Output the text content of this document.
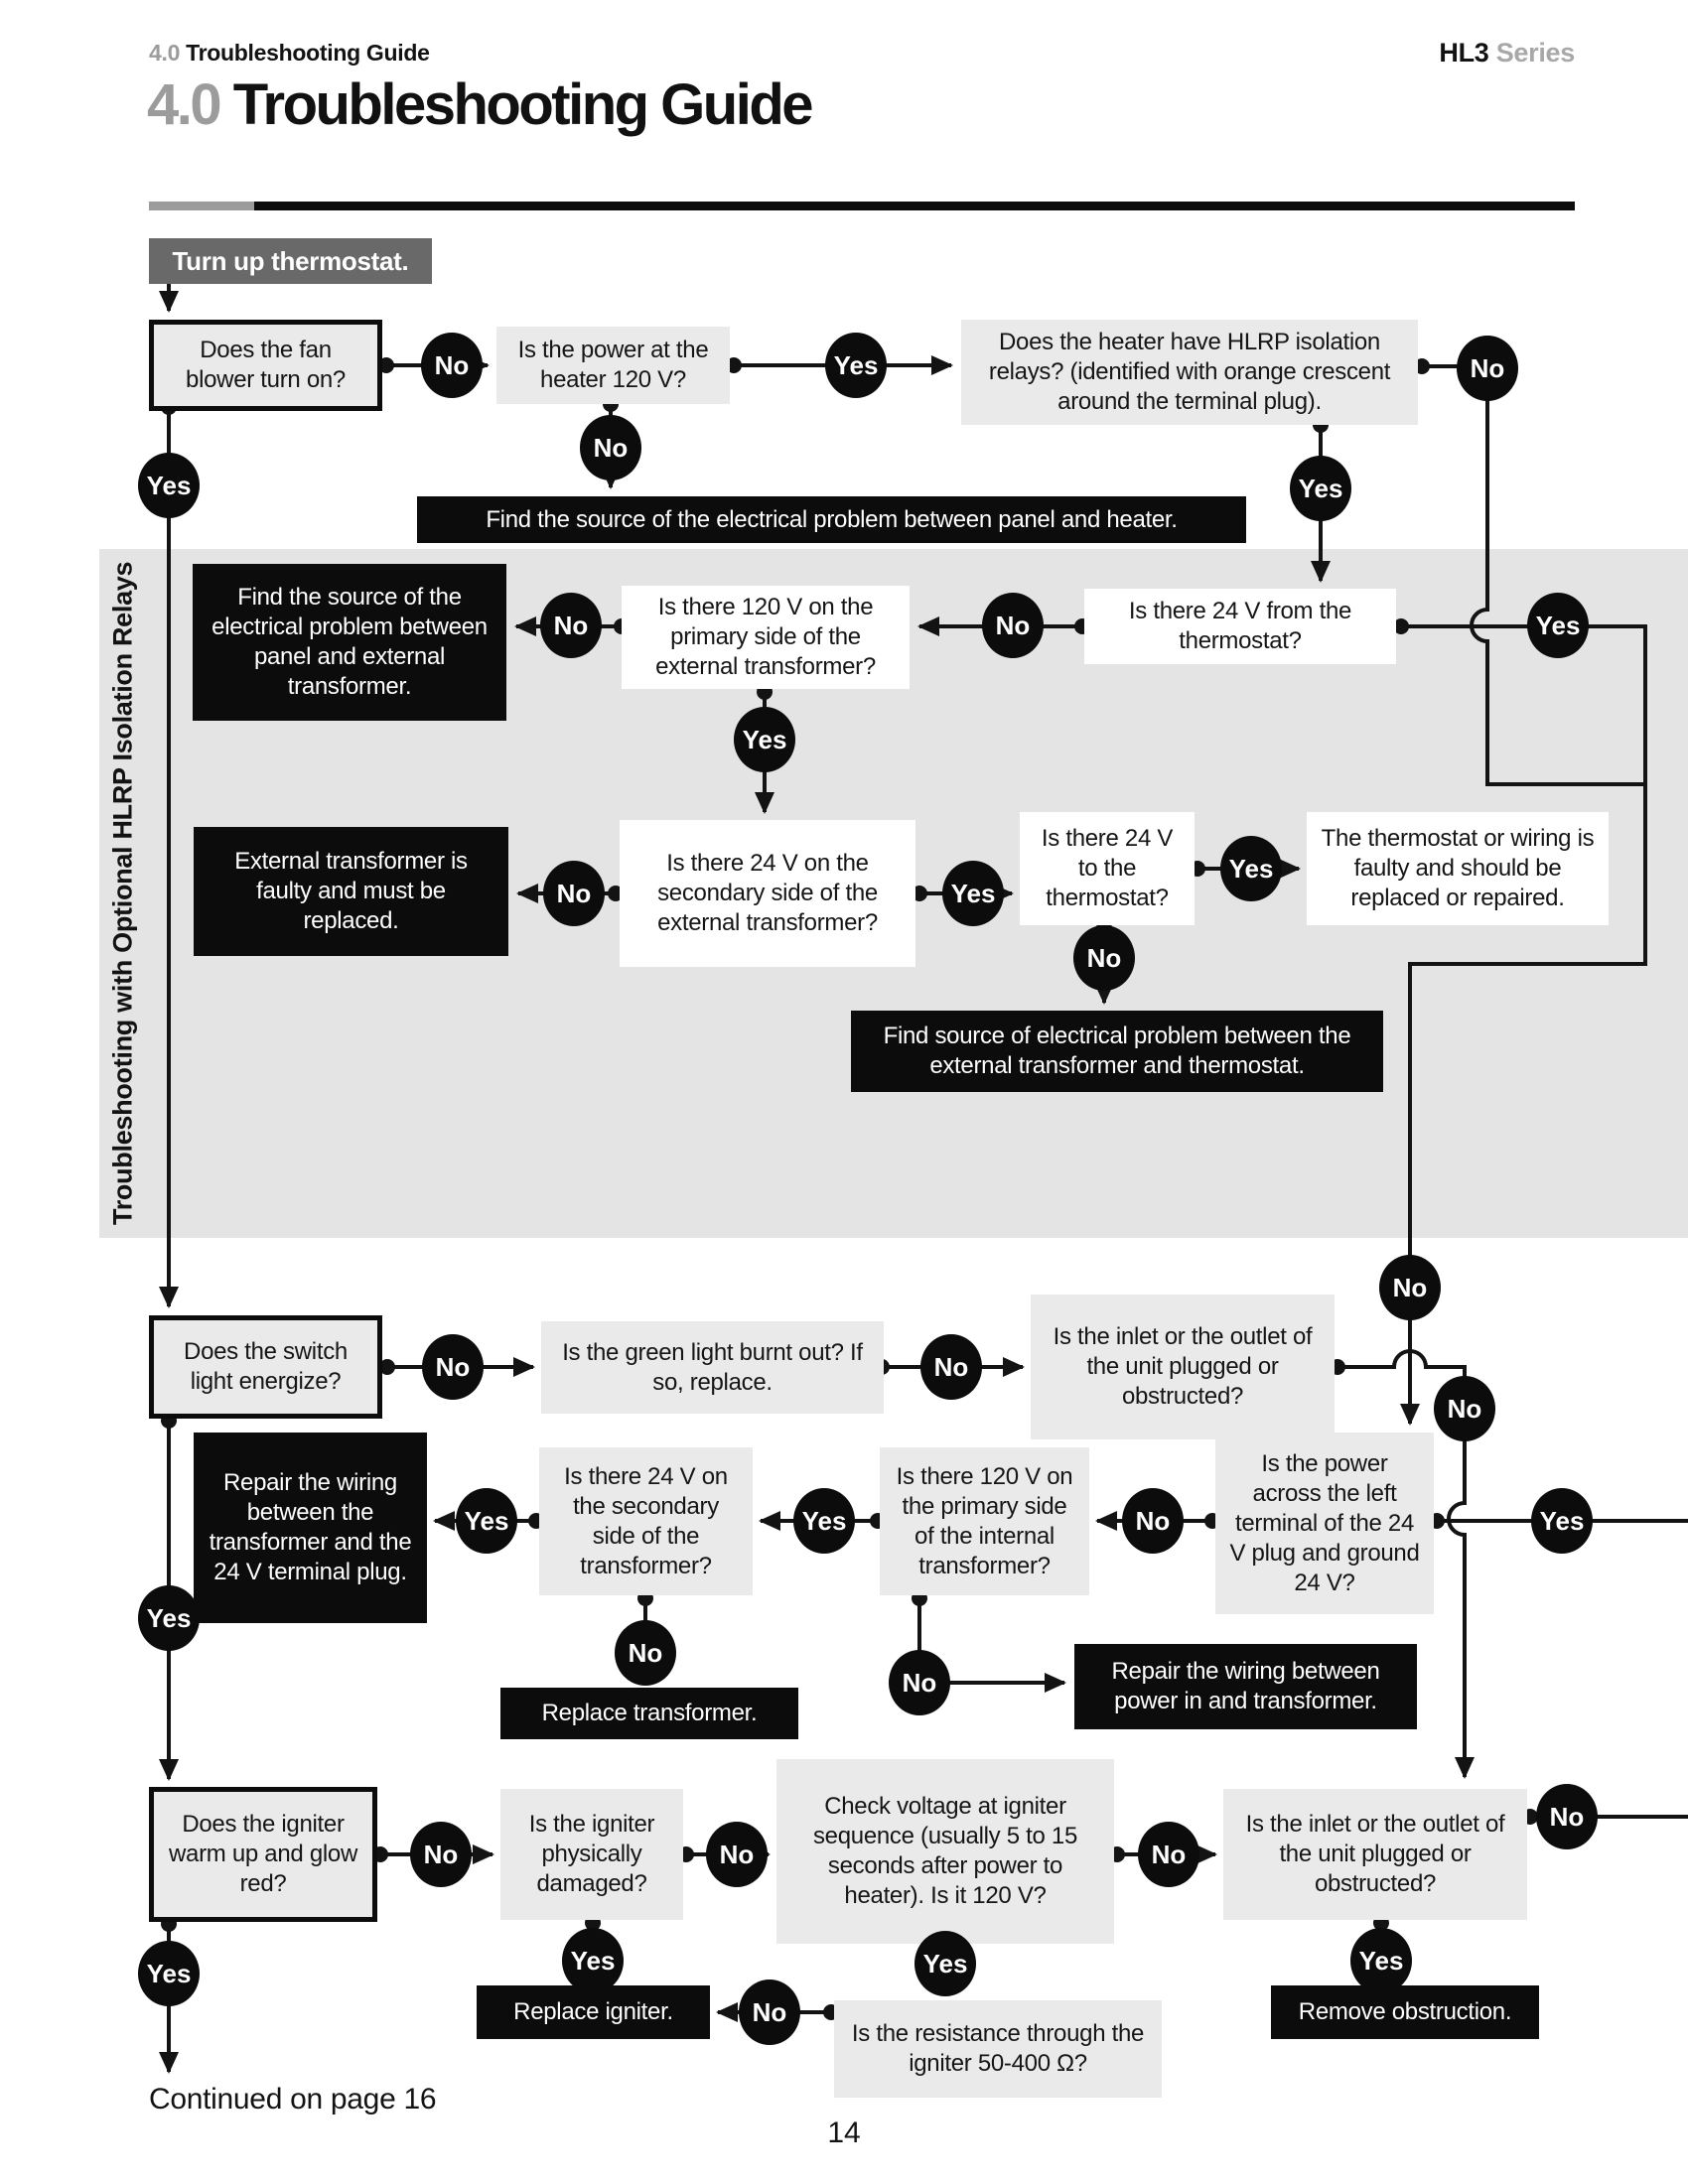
4.0 Troubleshooting Guide	HL3 Series
4.0 Troubleshooting Guide
Troubleshooting with Optional HLRP Isolation Relays
Turn up thermostat.
Does the fan blower turn on?
Is the power at the heater 120 V?
Does the heater have HLRP isolation relays? (identified with orange crescent around the terminal plug).
Find the source of the electrical problem between panel and heater.
Is there 24 V from the thermostat?
Find the source of the electrical problem between panel and external transformer.
Is there 120 V on the primary side of the external transformer?
External transformer is faulty and must be replaced.
Is there 24 V on the secondary side of the external transformer?
Is there 24 V to the thermostat?
The thermostat or wiring is faulty and should be replaced or repaired.
Find source of electrical problem between the external transformer and thermostat.
Does the switch light energize?
Is the green light burnt out? If so, replace.
Is the inlet or the outlet of the unit plugged or obstructed?
Repair the wiring between the transformer and the 24 V terminal plug.
Is there 24 V on the secondary side of the transformer?
Is there 120 V on the primary side of the internal transformer?
Is the power across the left terminal of the 24 V plug and ground 24 V?
Replace transformer.
Repair the wiring between power in and transformer.
Does the igniter warm up and glow red?
Is the igniter physically damaged?
Check voltage at igniter sequence (usually 5 to 15 seconds after power to heater). Is it 120 V?
Is the inlet or the outlet of the unit plugged or obstructed?
Replace igniter.
Is the resistance through the igniter 50-400 Ω?
Remove obstruction.
No	Yes	No
No
Yes	Yes
No	No	Yes
Yes
No	Yes
Yes
No
No
No	No
No
Yes	Yes	No	Yes
Yes
No
No
No	No	No
No
Yes	Yes	Yes	Yes
No
Continued on page 16
14
